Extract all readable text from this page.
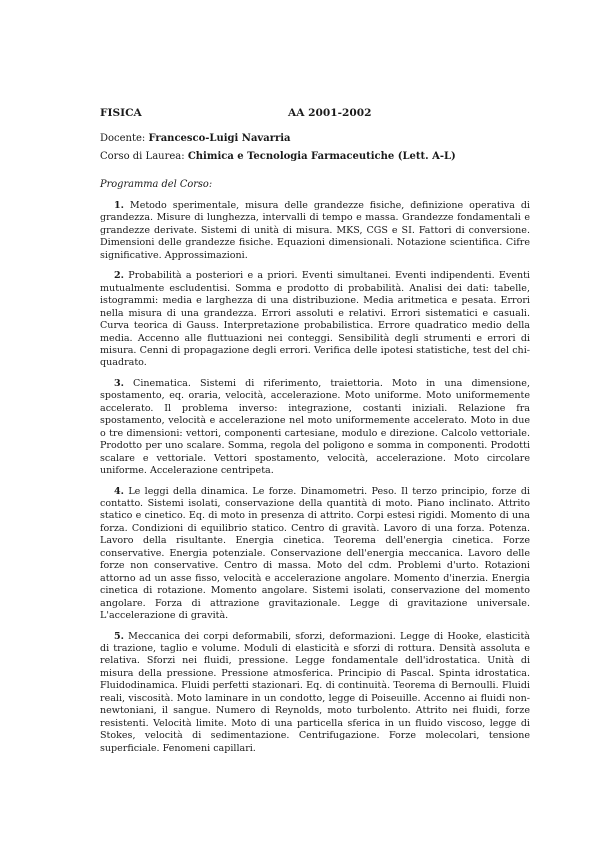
FISICA	AA 2001-2002
Docente: Francesco-Luigi Navarria
Corso di Laurea: Chimica e Tecnologia Farmaceutiche (Lett. A-L)
Programma del Corso:

1. Metodo sperimentale, misura delle grandezze fisiche, definizione operativa di grandezza. Misure di lunghezza, intervalli di tempo e massa. Grandezze fondamentali e grandezze derivate. Sistemi di unità di misura. MKS, CGS e SI. Fattori di conversione. Dimensioni delle grandezze fisiche. Equazioni dimensionali. Notazione scientifica. Cifre significative. Approssimazioni.

2. Probabilità a posteriori e a priori. Eventi simultanei. Eventi indipendenti. Eventi mutualmente escludentisi. Somma e prodotto di probabilità. Analisi dei dati: tabelle, istogrammi: media e larghezza di una distribuzione. Media aritmetica e pesata. Errori nella misura di una grandezza. Errori assoluti e relativi. Errori sistematici e casuali. Curva teorica di Gauss. Interpretazione probabilistica. Errore quadratico medio della media. Accenno alle fluttuazioni nei conteggi. Sensibilità degli strumenti e errori di misura. Cenni di propagazione degli errori. Verifica delle ipotesi statistiche, test del chi-quadrato.

3. Cinematica. Sistemi di riferimento, traiettoria. Moto in una dimensione, spostamento, eq. oraria, velocità, accelerazione. Moto uniforme. Moto uniformemente accelerato. Il problema inverso: integrazione, costanti iniziali. Relazione fra spostamento, velocità e accelerazione nel moto uniformemente accelerato. Moto in due o tre dimensioni: vettori, componenti cartesiane, modulo e direzione. Calcolo vettoriale. Prodotto per uno scalare. Somma, regola del poligono e somma in componenti. Prodotti scalare e vettoriale. Vettori spostamento, velocità, accelerazione. Moto circolare uniforme. Accelerazione centripeta.

4. Le leggi della dinamica. Le forze. Dinamometri. Peso. Il terzo principio, forze di contatto. Sistemi isolati, conservazione della quantità di moto. Piano inclinato. Attrito statico e cinetico. Eq. di moto in presenza di attrito. Corpi estesi rigidi. Momento di una forza. Condizioni di equilibrio statico. Centro di gravità. Lavoro di una forza. Potenza. Lavoro della risultante. Energia cinetica. Teorema dell'energia cinetica. Forze conservative. Energia potenziale. Conservazione dell'energia meccanica. Lavoro delle forze non conservative. Centro di massa. Moto del cdm. Problemi d'urto. Rotazioni attorno ad un asse fisso, velocità e accelerazione angolare. Momento d'inerzia. Energia cinetica di rotazione. Momento angolare. Sistemi isolati, conservazione del momento angolare. Forza di attrazione gravitazionale. Legge di gravitazione universale. L'accelerazione di gravità.

5. Meccanica dei corpi deformabili, sforzi, deformazioni. Legge di Hooke, elasticità di trazione, taglio e volume. Moduli di elasticità e sforzi di rottura. Densità assoluta e relativa. Sforzi nei fluidi, pressione. Legge fondamentale dell'idrostatica. Unità di misura della pressione. Pressione atmosferica. Principio di Pascal. Spinta idrostatica. Fluidodinamica. Fluidi perfetti stazionari. Eq. di continuità. Teorema di Bernoulli. Fluidi reali, viscosità. Moto laminare in un condotto, legge di Poiseuille. Accenno ai fluidi non-newtoniani, il sangue. Numero di Reynolds, moto turbolento. Attrito nei fluidi, forze resistenti. Velocità limite. Moto di una particella sferica in un fluido viscoso, legge di Stokes, velocità di sedimentazione. Centrifugazione. Forze molecolari, tensione superficiale. Fenomeni capillari.
